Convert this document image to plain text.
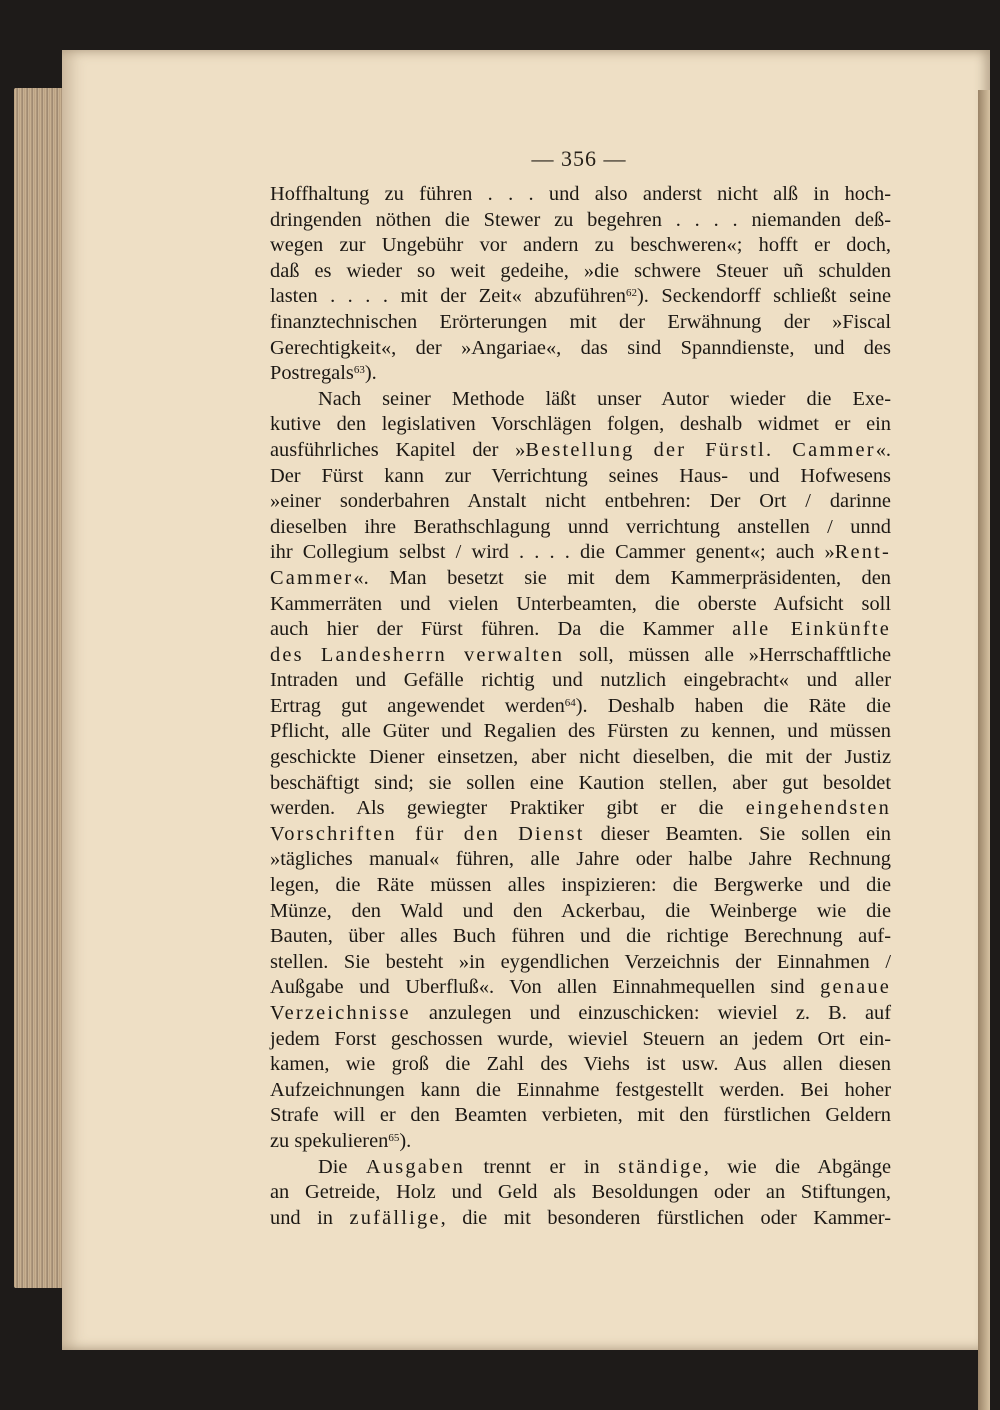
— 356 —
Hoffhaltung zu führen . . . und also anderst nicht alß in hoch-
dringenden nöthen die Stewer zu begehren . . . . niemanden deß-
wegen zur Ungebühr vor andern zu beschweren«; hofft er doch,
daß es wieder so weit gedeihe, »die schwere Steuer uñ schulden
lasten . . . . mit der Zeit« abzuführen$^{62}$). Seckendorff schließt seine
finanztechnischen Erörterungen mit der Erwähnung der »Fiscal
Gerechtigkeit«, der »Angariae«, das sind Spanndienste, und des
Postregals$^{63}$).
Nach seiner Methode läßt unser Autor wieder die Exe-
kutive den legislativen Vorschlägen folgen, deshalb widmet er ein
ausführliches Kapitel der »Bestellung der Fürstl. Cammer«.
Der Fürst kann zur Verrichtung seines Haus- und Hofwesens
»einer sonderbahren Anstalt nicht entbehren: Der Ort / darinne
dieselben ihre Berathschlagung unnd verrichtung anstellen / unnd
ihr Collegium selbst / wird . . . . die Cammer genent«; auch »Rent-
Cammer«. Man besetzt sie mit dem Kammerpräsidenten, den
Kammerräten und vielen Unterbeamten, die oberste Aufsicht soll
auch hier der Fürst führen. Da die Kammer alle Einkünfte
des Landesherrn verwalten soll, müssen alle »Herrschafftliche
Intraden und Gefälle richtig und nutzlich eingebracht« und aller
Ertrag gut angewendet werden$^{64}$). Deshalb haben die Räte die
Pflicht, alle Güter und Regalien des Fürsten zu kennen, und müssen
geschickte Diener einsetzen, aber nicht dieselben, die mit der Justiz
beschäftigt sind; sie sollen eine Kaution stellen, aber gut besoldet
werden. Als gewiegter Praktiker gibt er die eingehendsten
Vorschriften für den Dienst dieser Beamten. Sie sollen ein
»tägliches manual« führen, alle Jahre oder halbe Jahre Rechnung
legen, die Räte müssen alles inspizieren: die Bergwerke und die
Münze, den Wald und den Ackerbau, die Weinberge wie die
Bauten, über alles Buch führen und die richtige Berechnung auf-
stellen. Sie besteht »in eygendlichen Verzeichnis der Einnahmen /
Außgabe und Uberfluß«. Von allen Einnahmequellen sind genaue
Verzeichnisse anzulegen und einzuschicken: wieviel z. B. auf
jedem Forst geschossen wurde, wieviel Steuern an jedem Ort ein-
kamen, wie groß die Zahl des Viehs ist usw. Aus allen diesen
Aufzeichnungen kann die Einnahme festgestellt werden. Bei hoher
Strafe will er den Beamten verbieten, mit den fürstlichen Geldern
zu spekulieren$^{65}$).
Die Ausgaben trennt er in ständige, wie die Abgänge
an Getreide, Holz und Geld als Besoldungen oder an Stiftungen,
und in zufällige, die mit besonderen fürstlichen oder Kammer-
